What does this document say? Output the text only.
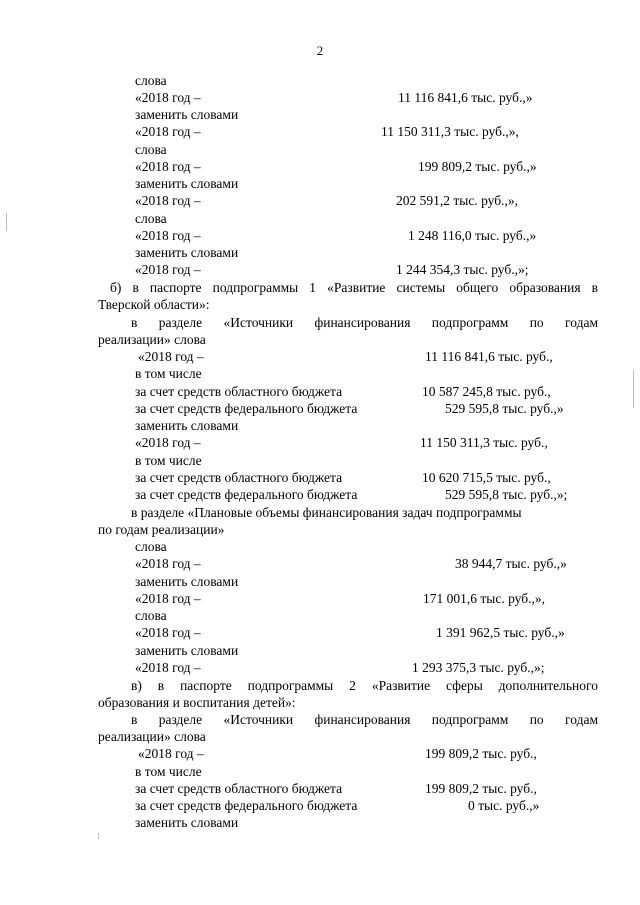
2
слова
«2018 год –	11 116 841,6 тыс. руб.,»
заменить словами
«2018 год –	11 150 311,3 тыс. руб.,»,
слова
«2018 год –	199 809,2 тыс. руб.,»
заменить словами
«2018 год –	202 591,2 тыс. руб.,»,
слова
«2018 год –	1 248 116,0 тыс. руб.,»
заменить словами
«2018 год –	1 244 354,3 тыс. руб.,»;
б) в паспорте подпрограммы 1 «Развитие системы общего образования в
Тверской области»:
в разделе «Источники финансирования подпрограмм по годам
реализации» слова
«2018 год –	11 116 841,6 тыс. руб.,
в том числе
за счет средств областного бюджета	10 587 245,8 тыс. руб.,
за счет средств федерального бюджета	529 595,8 тыс. руб.,»
заменить словами
«2018 год –	11 150 311,3 тыс. руб.,
в том числе
за счет средств областного бюджета	10 620 715,5 тыс. руб.,
за счет средств федерального бюджета	529 595,8 тыс. руб.,»;
в разделе «Плановые объемы финансирования задач подпрограммы
по годам реализации»
слова
«2018 год –	38 944,7 тыс. руб.,»
заменить словами
«2018 год –	171 001,6 тыс. руб.,»,
слова
«2018 год –	1 391 962,5 тыс. руб.,»
заменить словами
«2018 год –	1 293 375,3 тыс. руб.,»;
в) в паспорте подпрограммы 2 «Развитие сферы дополнительного
образования и воспитания детей»:
в разделе «Источники финансирования подпрограмм по годам
реализации» слова
«2018 год –	199 809,2 тыс. руб.,
в том числе
за счет средств областного бюджета	199 809,2 тыс. руб.,
за счет средств федерального бюджета	0 тыс. руб.,»
заменить словами
